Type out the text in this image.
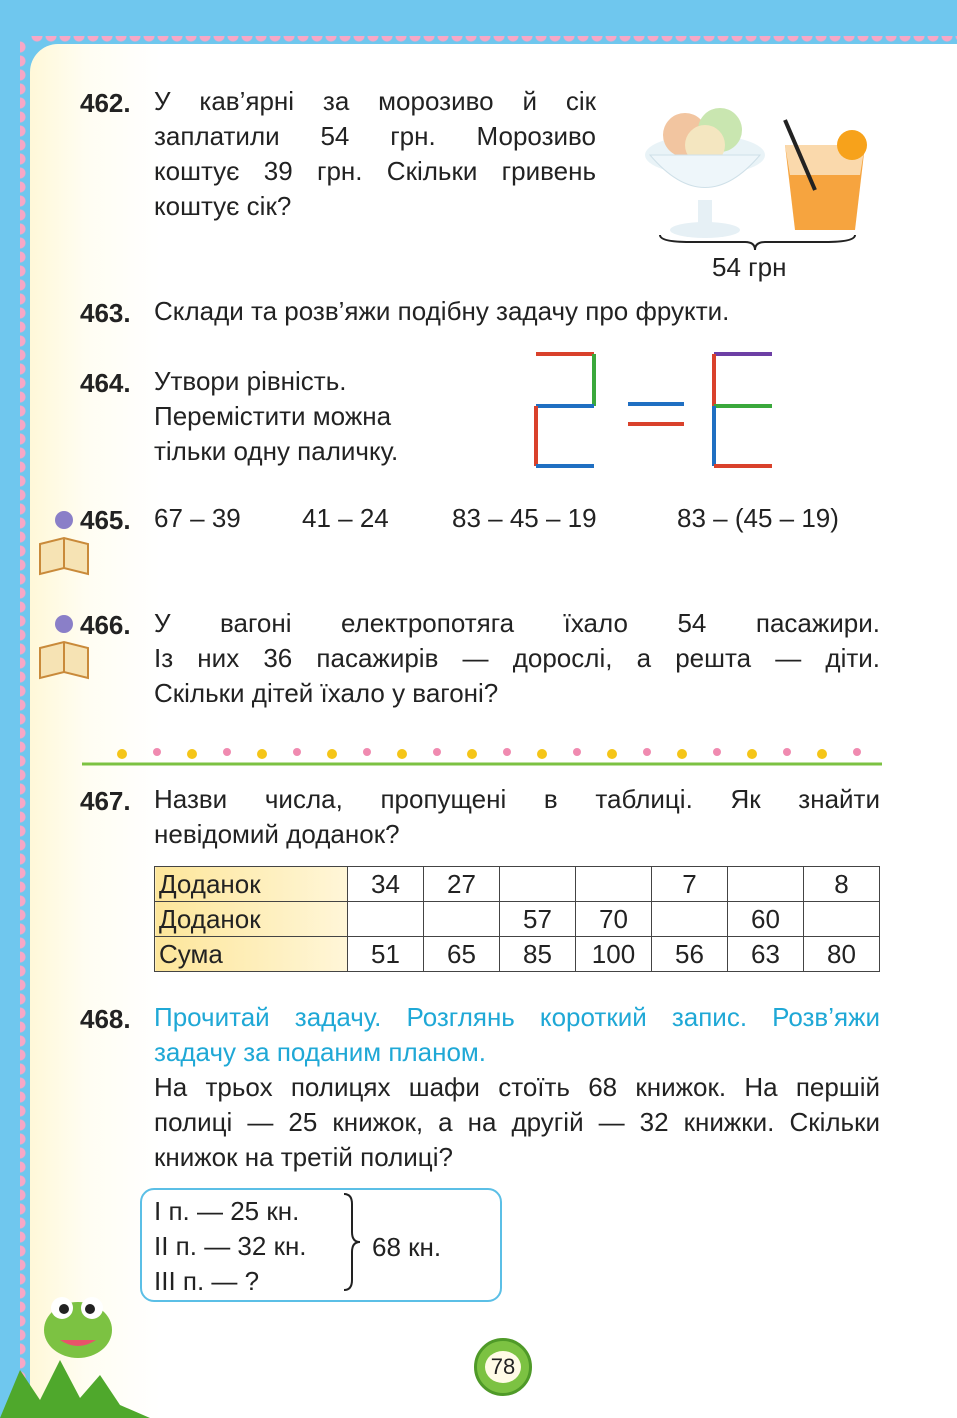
462. У кав’ярні за морозиво й сік
заплатили 54 грн. Морозиво
коштує 39 грн. Скільки гривень
коштує сік?
54 грн
463. Склади та розв’яжи подібну задачу про фрукти.
464. Утвори рівність.
Перемістити можна
тільки одну паличку.
465. 67 – 39 41 – 24 83 – 45 – 19	83 – (45 – 19)
466. У вагоні електропотяга їхало 54 пасажири.
Із них 36 пасажирів — дорослі, а решта — діти.
Скільки дітей їхало у вагоні?
467. Назви числа, пропущені в таблиці. Як знайти
невідомий доданок?
Доданок	34	27			7		8
Доданок			57	70		60	
Сума	51	65	85	100	56	63	80
468. Прочитай задачу. Розглянь короткий запис. Розв’яжи
задачу за поданим планом.
На трьох полицях шафи стоїть 68 книжок. На першій
полиці — 25 книжок, а на другій — 32 книжки. Скільки
книжок на третій полиці?
І п. — 25 кн.
ІІ п. — 32 кн.
ІІІ п. — ?
68 кн.
78
